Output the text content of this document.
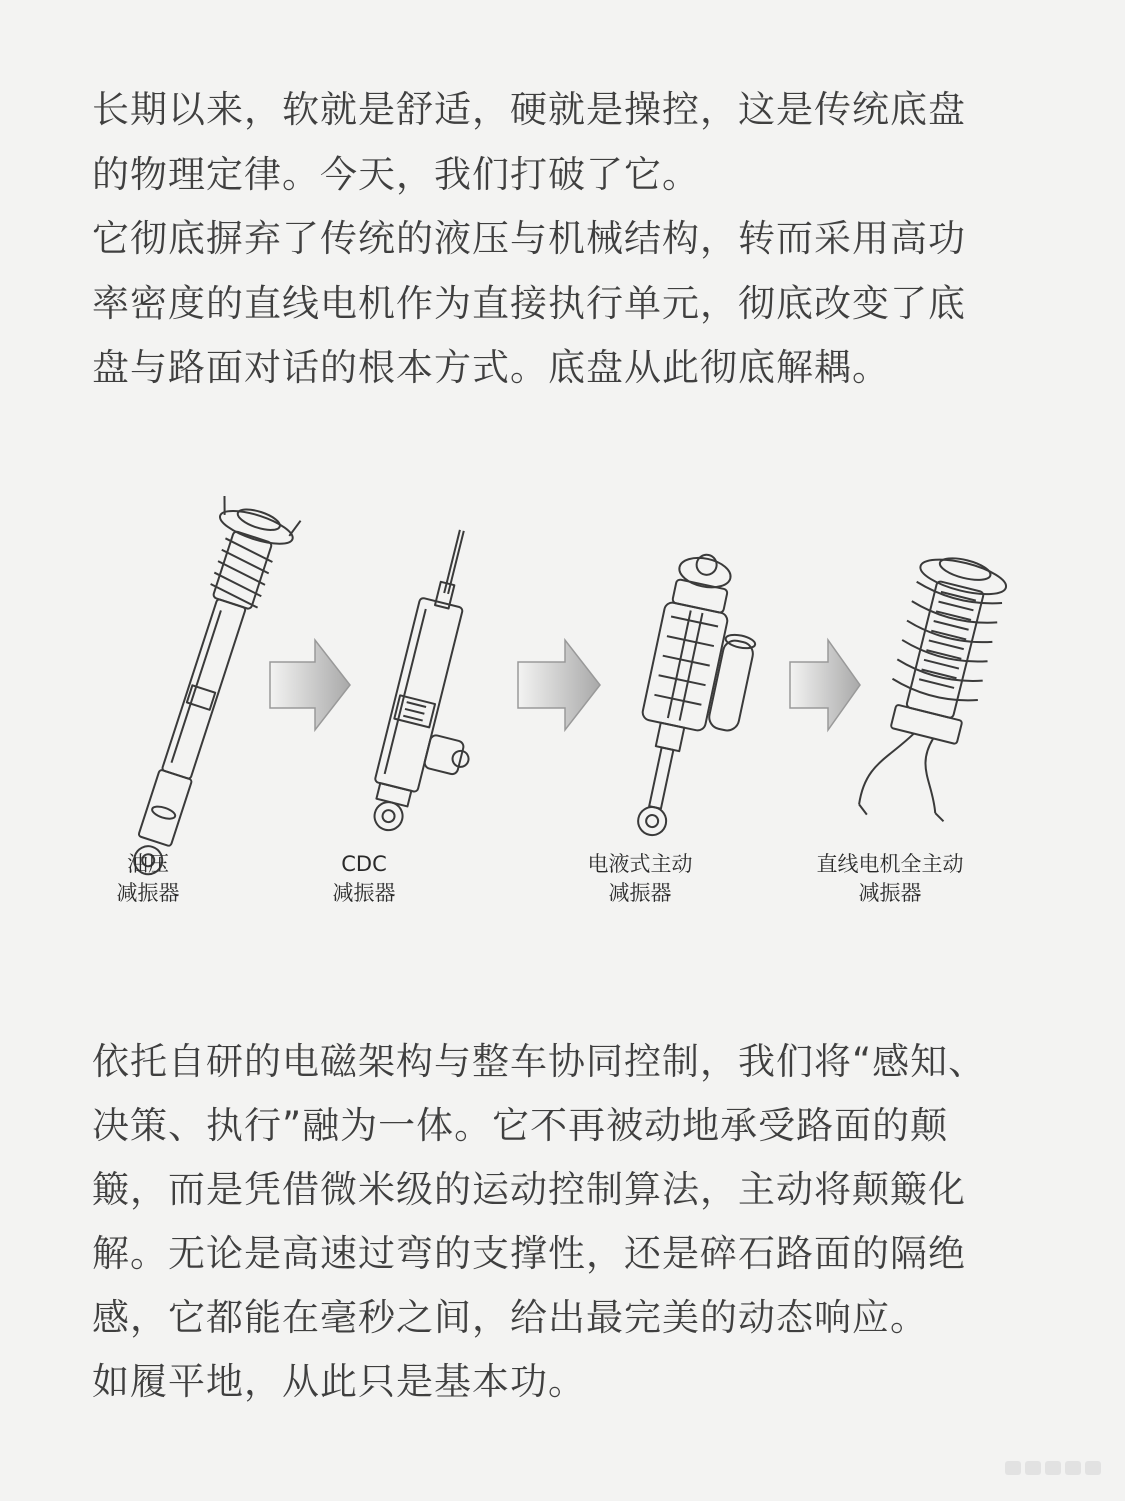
长期以来，软就是舒适，硬就是操控，这是传统底盘

的物理定律。今天，我们打破了它。

它彻底摒弃了传统的液压与机械结构，转而采用高功

率密度的直线电机作为直接执行单元，彻底改变了底

盘与路面对话的根本方式。底盘从此彻底解耦。

油压
减振器
CDC
减振器
电液式主动
减振器
直线电机全主动
减振器

依托自研的电磁架构与整车协同控制，我们将“感知、

决策、执行”融为一体。它不再被动地承受路面的颠

簸，而是凭借微米级的运动控制算法，主动将颠簸化

解。无论是高速过弯的支撑性，还是碎石路面的隔绝

感，它都能在毫秒之间，给出最完美的动态响应。

如履平地，从此只是基本功。
